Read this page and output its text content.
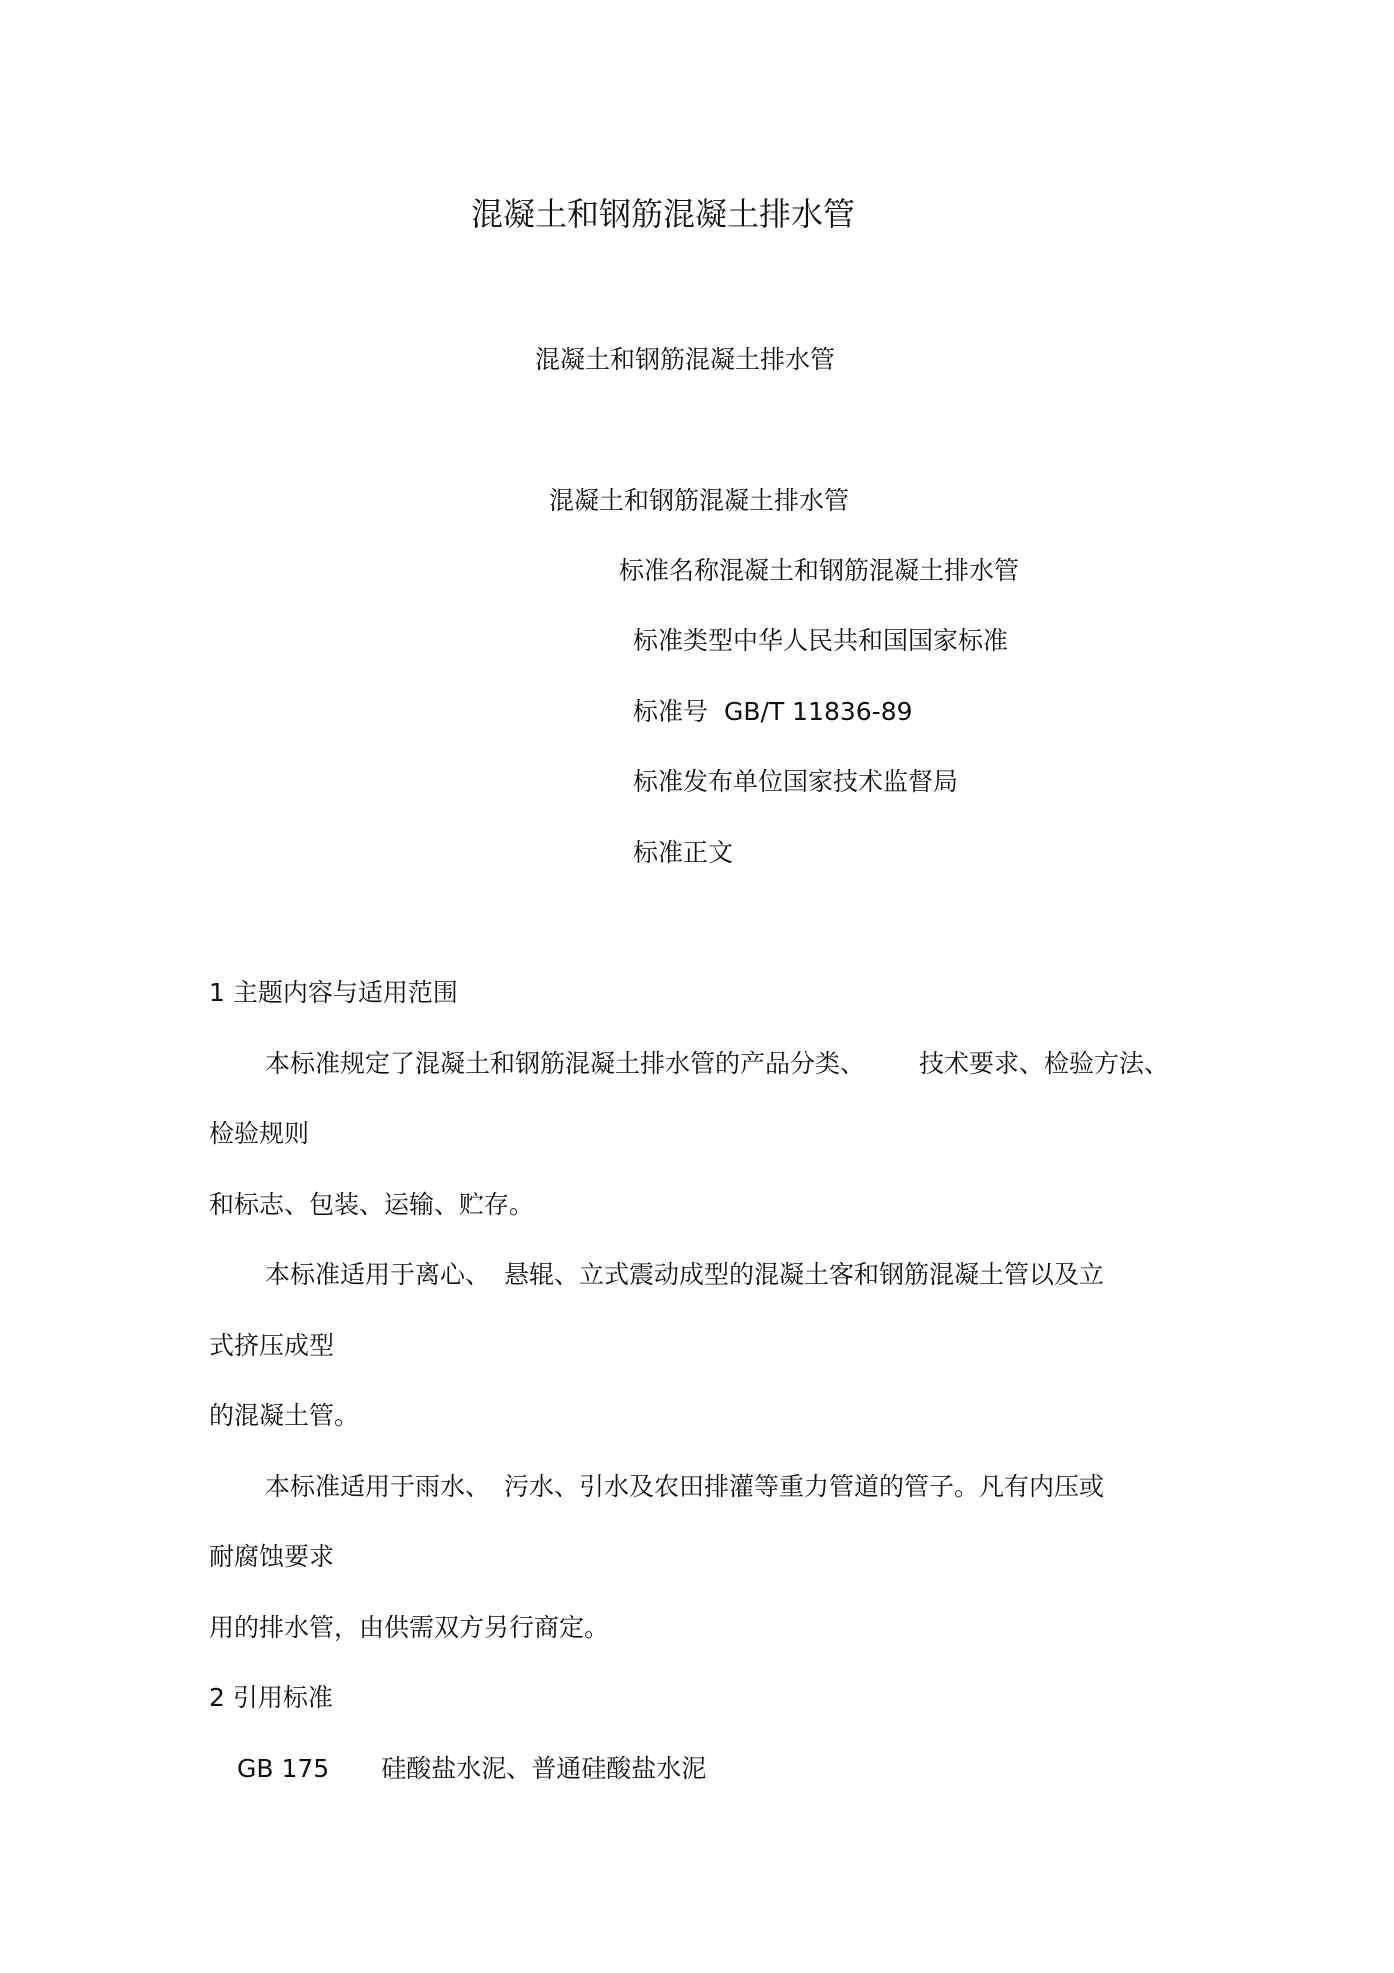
混凝土和钢筋混凝土排水管
混凝土和钢筋混凝土排水管
混凝土和钢筋混凝土排水管
标准名称混凝土和钢筋混凝土排水管
标准类型中华人民共和国国家标准
标准号 GB/T 11836-89
标准发布单位国家技术监督局
标准正文
1 主题内容与适用范围
本标准规定了混凝土和钢筋混凝土排水管的产品分类、 技术要求、检验方法、
检验规则
和标志、包装、运输、贮存。
本标准适用于离心、 悬辊、立式震动成型的混凝土客和钢筋混凝土管以及立
式挤压成型
的混凝土管。
本标准适用于雨水、 污水、引水及农田排灌等重力管道的管子。凡有内压或
耐腐蚀要求
用的排水管，由供需双方另行商定。
2 引用标准
GB 175 硅酸盐水泥、普通硅酸盐水泥
